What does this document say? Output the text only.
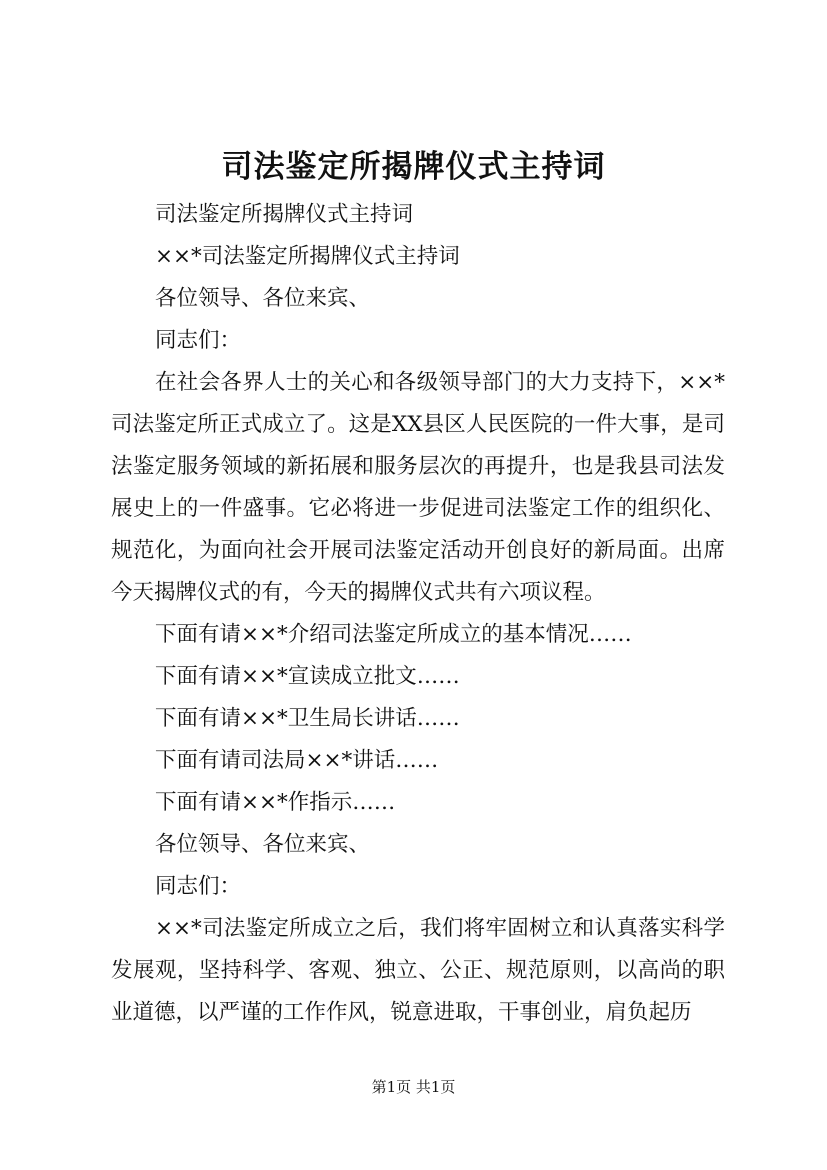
司法鉴定所揭牌仪式主持词

司法鉴定所揭牌仪式主持词

××*司法鉴定所揭牌仪式主持词

各位领导、各位来宾、

同志们：

在社会各界人士的关心和各级领导部门的大力支持下，××*司法鉴定所正式成立了。这是XX县区人民医院的一件大事，是司法鉴定服务领域的新拓展和服务层次的再提升，也是我县司法发展史上的一件盛事。它必将进一步促进司法鉴定工作的组织化、规范化，为面向社会开展司法鉴定活动开创良好的新局面。出席今天揭牌仪式的有，今天的揭牌仪式共有六项议程。

下面有请××*介绍司法鉴定所成立的基本情况……

下面有请××*宣读成立批文……

下面有请××*卫生局长讲话……

下面有请司法局××*讲话……

下面有请××*作指示……

各位领导、各位来宾、

同志们：

××*司法鉴定所成立之后，我们将牢固树立和认真落实科学发展观，坚持科学、客观、独立、公正、规范原则，以高尚的职业道德，以严谨的工作作风，锐意进取，干事创业，肩负起历

第1页 共1页
